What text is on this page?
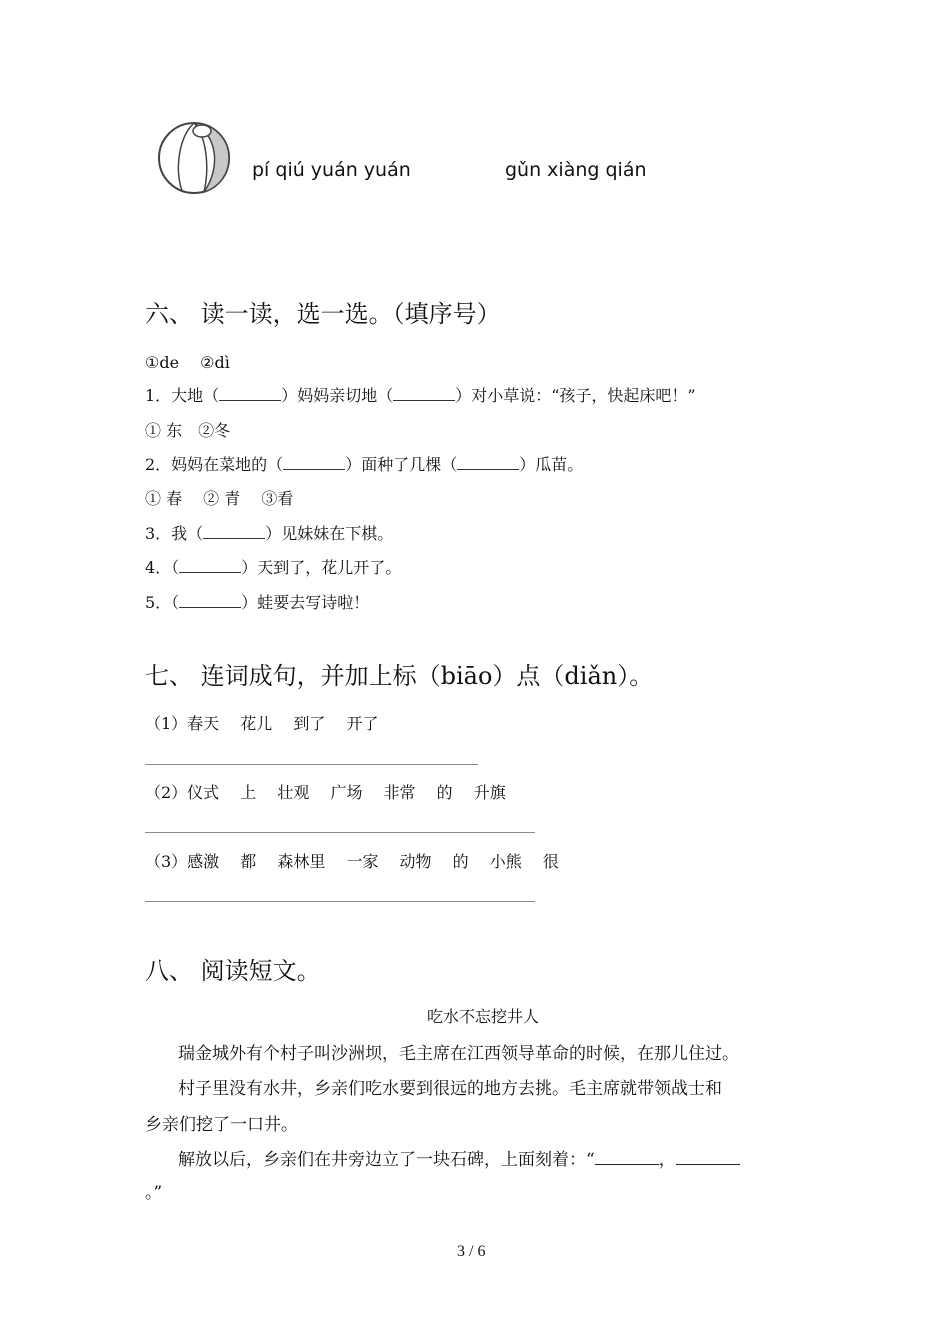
pí qiú yuán yuán	gǔn xiàng qián
六、 读一读，选一选。（填序号）
①de　 ②dì
1．大地（	）妈妈亲切地（	）对小草说：“孩子，快起床吧！”
① 东　②冬
2．妈妈在菜地的（	）面种了几棵（	）瓜苗。
① 春　 ② 青　 ③看
3．我（	）见妹妹在下棋。
4．（	）天到了，花儿开了。
5．（	）蛙要去写诗啦！
七、 连词成句，并加上标（biāo）点（diǎn）。
（1）春天　 花儿　 到了　 开了
（2）仪式　 上　 壮观　 广场　 非常　 的　 升旗
（3）感激　 都　 森林里　 一家　 动物　 的　 小熊　 很
八、 阅读短文。
吃水不忘挖井人
瑞金城外有个村子叫沙洲坝，毛主席在江西领导革命的时候，在那儿住过。
村子里没有水井，乡亲们吃水要到很远的地方去挑。毛主席就带领战士和
乡亲们挖了一口井。
解放以后，乡亲们在井旁边立了一块石碑，上面刻着：“	，
。”
3 / 6
